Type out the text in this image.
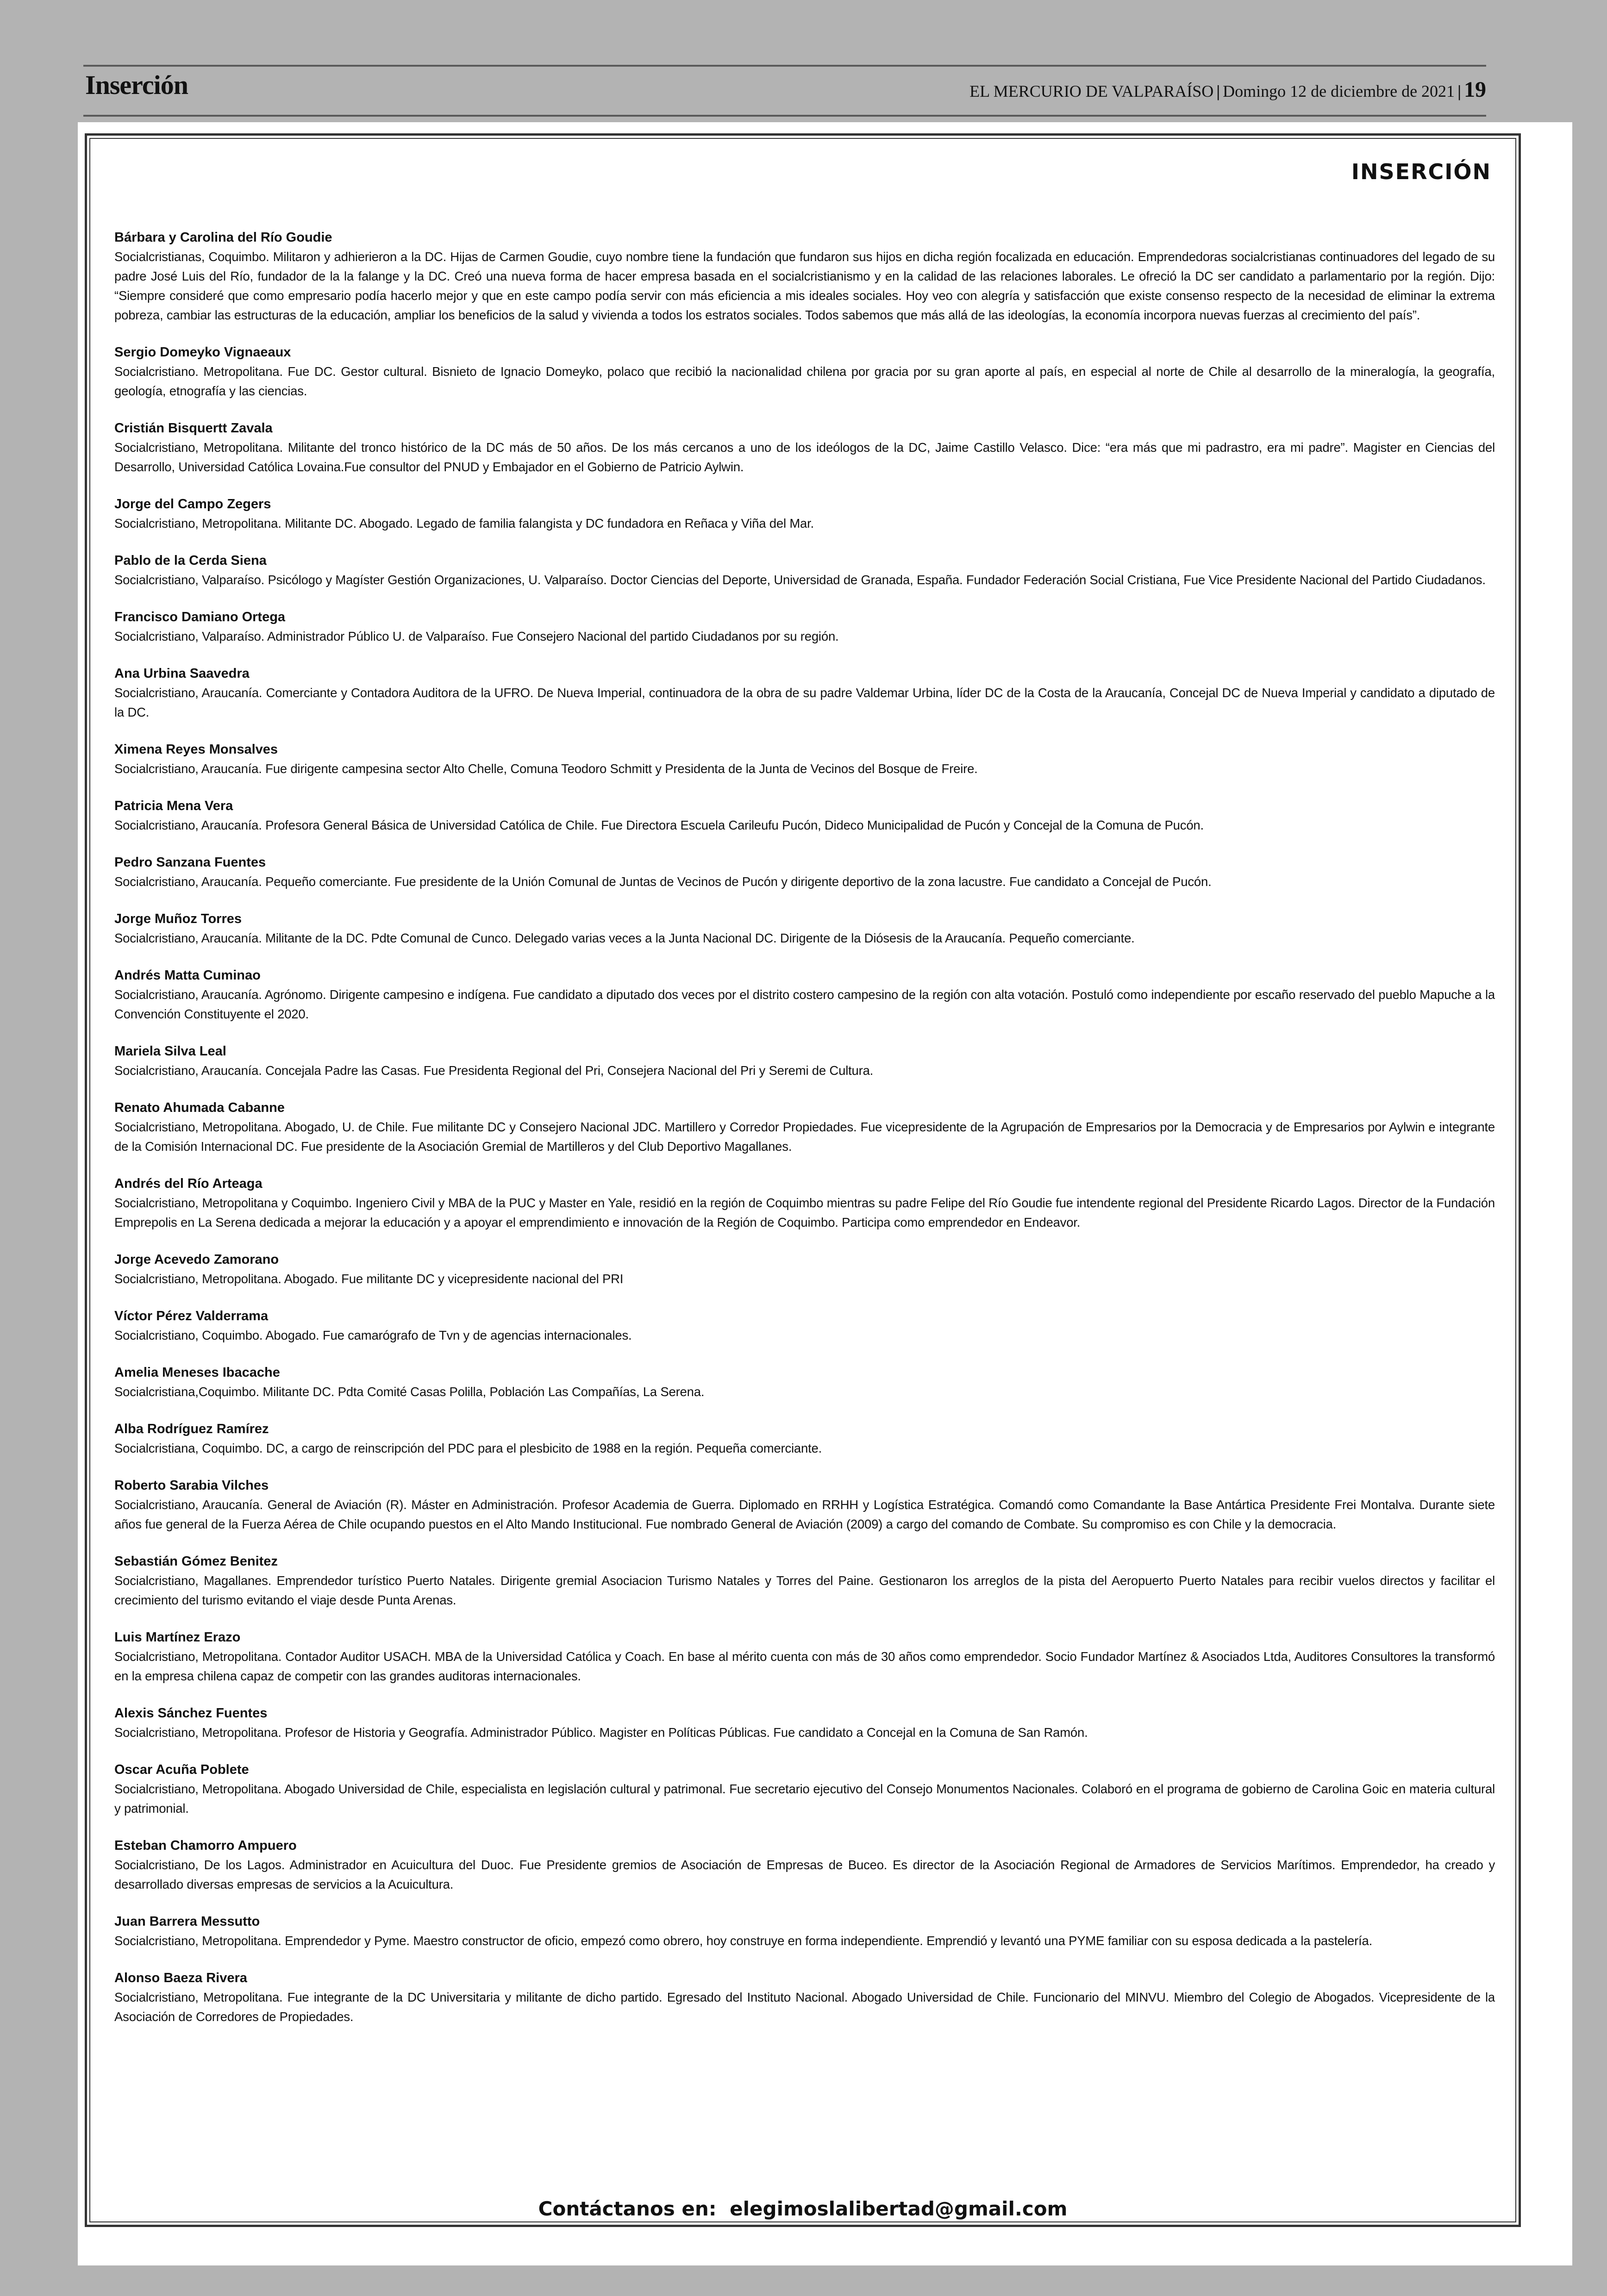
Inserción	EL MERCURIO DE VALPARAÍSO | Domingo 12 de diciembre de 2021 | 19
INSERCIÓN
Bárbara y Carolina del Río Goudie
Socialcristianas, Coquimbo. Militaron y adhierieron a la DC. Hijas de Carmen Goudie, cuyo nombre tiene la fundación que fundaron sus hijos en dicha región focalizada en educación. Emprendedoras socialcristianas continuadores del legado de su padre José Luis del Río, fundador de la la falange y la DC. Creó una nueva forma de hacer empresa basada en el socialcristianismo y en la calidad de las relaciones laborales. Le ofreció la DC ser candidato a parlamentario por la región. Dijo: “Siempre consideré que como empresario podía hacerlo mejor y que en este campo podía servir con más eficiencia a mis ideales sociales. Hoy veo con alegría y satisfacción que existe consenso respecto de la necesidad de eliminar la extrema pobreza, cambiar las estructuras de la educación, ampliar los beneficios de la salud y vivienda a todos los estratos sociales. Todos sabemos que más allá de las ideologías, la economía incorpora nuevas fuerzas al crecimiento del país”.
Sergio Domeyko Vignaeaux
Socialcristiano. Metropolitana. Fue DC. Gestor cultural. Bisnieto de Ignacio Domeyko, polaco que recibió la nacionalidad chilena por gracia por su gran aporte al país, en especial al norte de Chile al desarrollo de la mineralogía, la geografía, geología, etnografía y las ciencias.
Cristián Bisquertt Zavala
Socialcristiano, Metropolitana. Militante del tronco histórico de la DC más de 50 años. De los más cercanos a uno de los ideólogos de la DC, Jaime Castillo Velasco. Dice: “era más que mi padrastro, era mi padre”. Magister en Ciencias del Desarrollo, Universidad Católica Lovaina.Fue consultor del PNUD y Embajador en el Gobierno de Patricio Aylwin.
Jorge del Campo Zegers
Socialcristiano, Metropolitana. Militante DC. Abogado. Legado de familia falangista y DC fundadora en Reñaca y Viña del Mar.
Pablo de la Cerda Siena
Socialcristiano, Valparaíso. Psicólogo y Magíster Gestión Organizaciones, U. Valparaíso. Doctor Ciencias del Deporte, Universidad de Granada, España. Fundador Federación Social Cristiana, Fue Vice Presidente Nacional del Partido Ciudadanos.
Francisco Damiano Ortega
Socialcristiano, Valparaíso. Administrador Público U. de Valparaíso. Fue Consejero Nacional del partido Ciudadanos por su región.
Ana Urbina Saavedra
Socialcristiano, Araucanía. Comerciante y Contadora Auditora de la UFRO. De Nueva Imperial, continuadora de la obra de su padre Valdemar Urbina, líder DC de la Costa de la Araucanía, Concejal DC de Nueva Imperial y candidato a diputado de la DC.
Ximena Reyes Monsalves
Socialcristiano, Araucanía. Fue dirigente campesina sector Alto Chelle, Comuna Teodoro Schmitt y Presidenta de la Junta de Vecinos del Bosque de Freire.
Patricia Mena Vera
Socialcristiano, Araucanía. Profesora General Básica de Universidad Católica de Chile. Fue Directora Escuela Carileufu Pucón, Dideco Municipalidad de Pucón y Concejal de la Comuna de Pucón.
Pedro Sanzana Fuentes
Socialcristiano, Araucanía. Pequeño comerciante. Fue presidente de la Unión Comunal de Juntas de Vecinos de Pucón y dirigente deportivo de la zona lacustre. Fue candidato a Concejal de Pucón.
Jorge Muñoz Torres
Socialcristiano, Araucanía. Militante de la DC. Pdte Comunal de Cunco. Delegado varias veces a la Junta Nacional DC. Dirigente de la Diósesis de la Araucanía. Pequeño comerciante.
Andrés Matta Cuminao
Socialcristiano, Araucanía. Agrónomo. Dirigente campesino e indígena. Fue candidato a diputado dos veces por el distrito costero campesino de la región con alta votación. Postuló como independiente por escaño reservado del pueblo Mapuche a la Convención Constituyente el 2020.
Mariela Silva Leal
Socialcristiano, Araucanía. Concejala Padre las Casas. Fue Presidenta Regional del Pri, Consejera Nacional del Pri y Seremi de Cultura.
Renato Ahumada Cabanne
Socialcristiano, Metropolitana. Abogado, U. de Chile. Fue militante DC y Consejero Nacional JDC. Martillero y Corredor Propiedades. Fue vicepresidente de la Agrupación de Empresarios por la Democracia y de Empresarios por Aylwin e integrante de la Comisión Internacional DC. Fue presidente de la Asociación Gremial de Martilleros y del Club Deportivo Magallanes.
Andrés del Río Arteaga
Socialcristiano, Metropolitana y Coquimbo. Ingeniero Civil y MBA de la PUC y Master en Yale, residió en la región de Coquimbo mientras su padre Felipe del Río Goudie fue intendente regional del Presidente Ricardo Lagos. Director de la Fundación Emprepolis en La Serena dedicada a mejorar la educación y a apoyar el emprendimiento e innovación de la Región de Coquimbo. Participa como emprendedor en Endeavor.
Jorge Acevedo Zamorano
Socialcristiano, Metropolitana. Abogado. Fue militante DC y vicepresidente nacional del PRI
Víctor Pérez Valderrama
Socialcristiano, Coquimbo. Abogado. Fue camarógrafo de Tvn y de agencias internacionales.
Amelia Meneses Ibacache
Socialcristiana,Coquimbo. Militante DC. Pdta Comité Casas Polilla, Población Las Compañías, La Serena.
Alba Rodríguez Ramírez
Socialcristiana, Coquimbo. DC, a cargo de reinscripción del PDC para el plesbicito de 1988 en la región. Pequeña comerciante.
Roberto Sarabia Vilches
Socialcristiano, Araucanía. General de Aviación (R). Máster en Administración. Profesor Academia de Guerra. Diplomado en RRHH y Logística Estratégica. Comandó como Comandante la Base Antártica Presidente Frei Montalva. Durante siete años fue general de la Fuerza Aérea de Chile ocupando puestos en el Alto Mando Institucional. Fue nombrado General de Aviación (2009) a cargo del comando de Combate. Su compromiso es con Chile y la democracia.
Sebastián Gómez Benitez
Socialcristiano, Magallanes. Emprendedor turístico Puerto Natales. Dirigente gremial Asociacion Turismo Natales y Torres del Paine. Gestionaron los arreglos de la pista del Aeropuerto Puerto Natales para recibir vuelos directos y facilitar el crecimiento del turismo evitando el viaje desde Punta Arenas.
Luis Martínez Erazo
Socialcristiano, Metropolitana. Contador Auditor USACH. MBA de la Universidad Católica y Coach. En base al mérito cuenta con más de 30 años como emprendedor. Socio Fundador Martínez & Asociados Ltda, Auditores Consultores la transformó en la empresa chilena capaz de competir con las grandes auditoras internacionales.
Alexis Sánchez Fuentes
Socialcristiano, Metropolitana. Profesor de Historia y Geografía. Administrador Público. Magister en Políticas Públicas. Fue candidato a Concejal en la Comuna de San Ramón.
Oscar Acuña Poblete
Socialcristiano, Metropolitana. Abogado Universidad de Chile, especialista en legislación cultural y patrimonal. Fue secretario ejecutivo del Consejo Monumentos Nacionales. Colaboró en el programa de gobierno de Carolina Goic en materia cultural y patrimonial.
Esteban Chamorro Ampuero
Socialcristiano, De los Lagos. Administrador en Acuicultura del Duoc. Fue Presidente gremios de Asociación de Empresas de Buceo. Es director de la Asociación Regional de Armadores de Servicios Marítimos. Emprendedor, ha creado y desarrollado diversas empresas de servicios a la Acuicultura.
Juan Barrera Messutto
Socialcristiano, Metropolitana. Emprendedor y Pyme. Maestro constructor de oficio, empezó como obrero, hoy construye en forma independiente. Emprendió y levantó una PYME familiar con su esposa dedicada a la pastelería.
Alonso Baeza Rivera
Socialcristiano, Metropolitana. Fue integrante de la DC Universitaria y militante de dicho partido. Egresado del Instituto Nacional. Abogado Universidad de Chile. Funcionario del MINVU. Miembro del Colegio de Abogados. Vicepresidente de la Asociación de Corredores de Propiedades.
Contáctanos en: elegimoslalibertad@gmail.com
